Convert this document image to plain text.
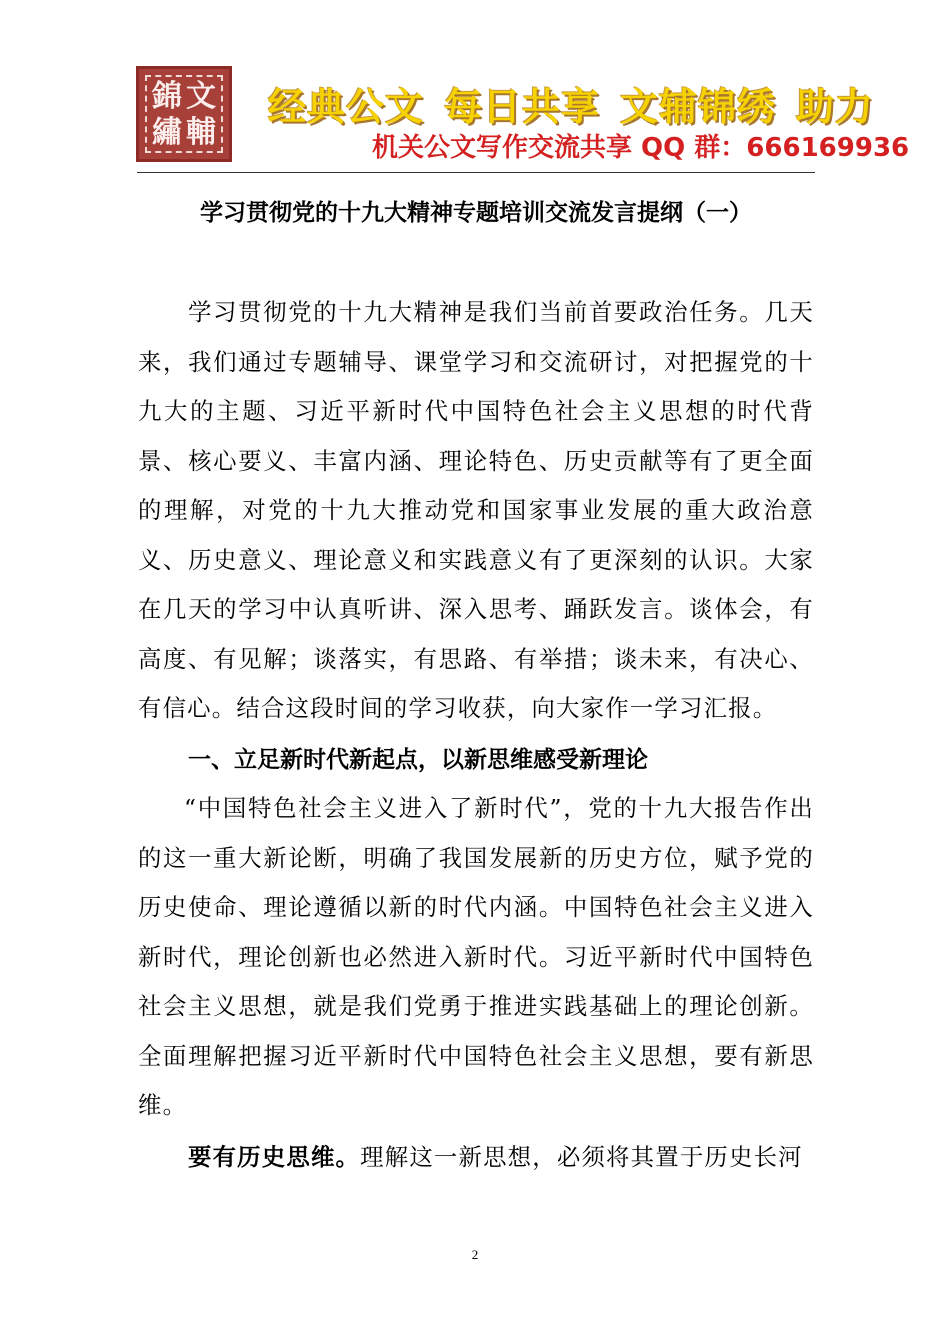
錦 文
繡 輔
经典公文 每日共享 文辅锦绣 助力
机关公文写作交流共享 QQ 群：666169936
学习贯彻党的十九大精神专题培训交流发言提纲（一）

学习贯彻党的十九大精神是我们当前首要政治任务。几天来，我们通过专题辅导、课堂学习和交流研讨，对把握党的十九大的主题、习近平新时代中国特色社会主义思想的时代背景、核心要义、丰富内涵、理论特色、历史贡献等有了更全面的理解，对党的十九大推动党和国家事业发展的重大政治意义、历史意义、理论意义和实践意义有了更深刻的认识。大家在几天的学习中认真听讲、深入思考、踊跃发言。谈体会，有高度、有见解；谈落实，有思路、有举措；谈未来，有决心、有信心。结合这段时间的学习收获，向大家作一学习汇报。

一、立足新时代新起点，以新思维感受新理论

“中国特色社会主义进入了新时代”，党的十九大报告作出的这一重大新论断，明确了我国发展新的历史方位，赋予党的历史使命、理论遵循以新的时代内涵。中国特色社会主义进入新时代，理论创新也必然进入新时代。习近平新时代中国特色社会主义思想，就是我们党勇于推进实践基础上的理论创新。全面理解把握习近平新时代中国特色社会主义思想，要有新思维。

要有历史思维。理解这一新思想，必须将其置于历史长河

2
